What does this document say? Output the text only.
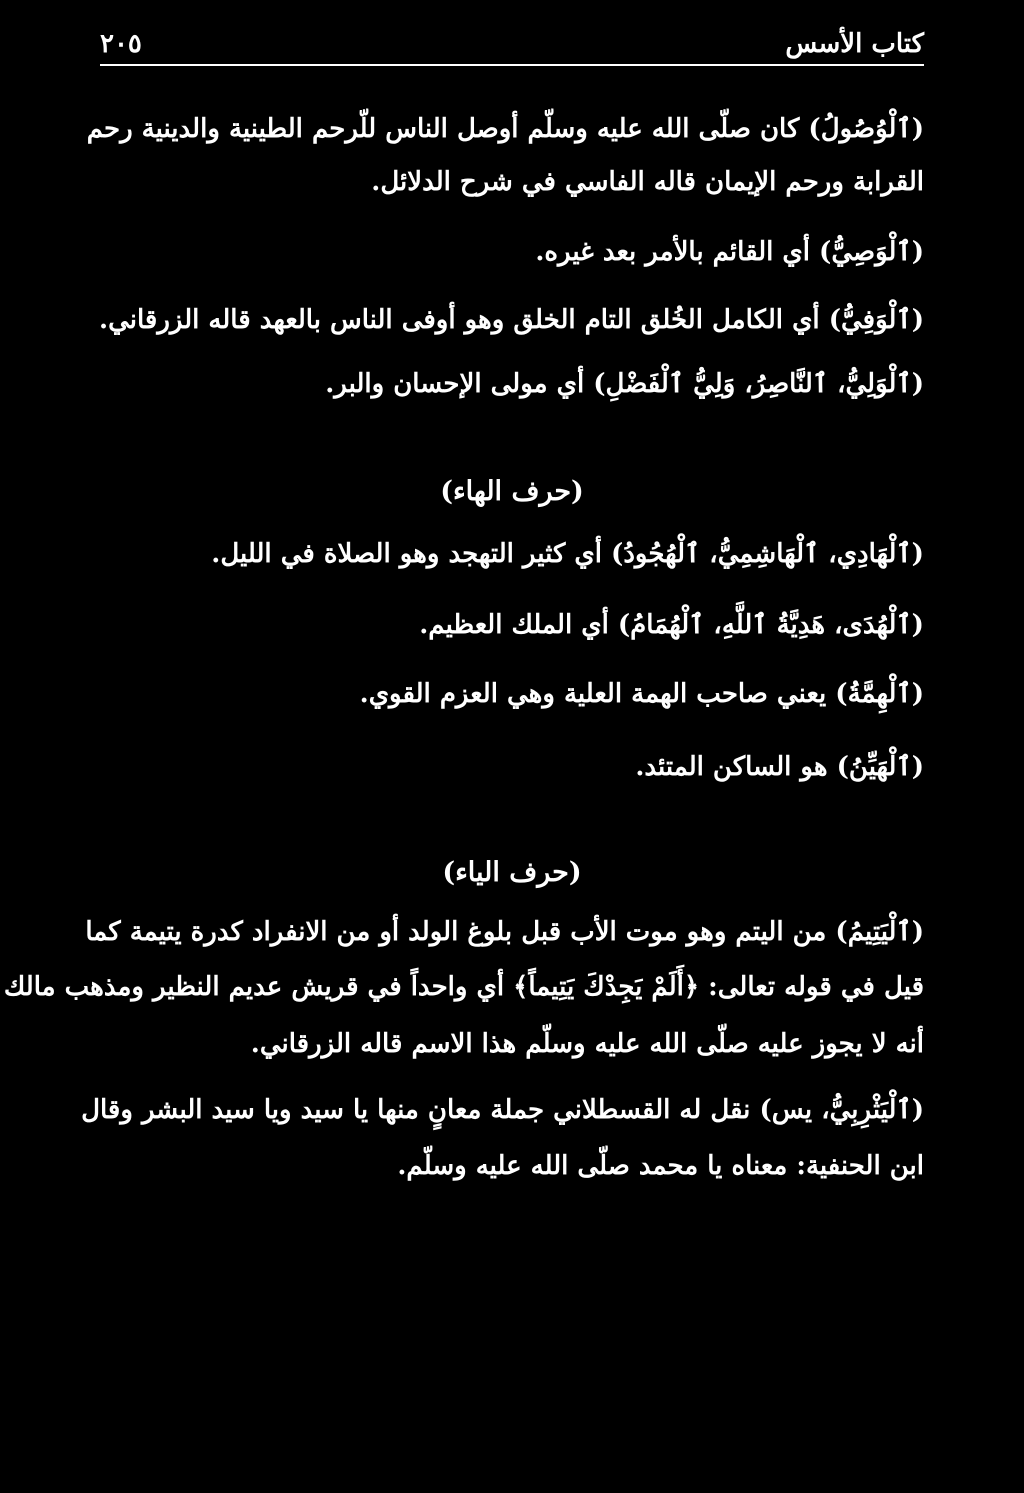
كتاب الأسس
٢٠٥
(ٱلْوُصُولُ) كان صلّى الله عليه وسلّم أوصل الناس للّرحم الطينية والدينية رحم
القرابة ورحم الإيمان قاله الفاسي في شرح الدلائل.
(ٱلْوَصِيُّ) أي القائم بالأمر بعد غيره.
(ٱلْوَفِيُّ) أي الكامل الخُلق التام الخلق وهو أوفى الناس بالعهد قاله الزرقاني.
(ٱلْوَلِيُّ، ٱلنَّاصِرُ، وَلِيُّ ٱلْفَضْلِ) أي مولى الإحسان والبر.
(حرف الهاء)
(ٱلْهَادِي، ٱلْهَاشِمِيُّ، ٱلْهُجُودُ) أي كثير التهجد وهو الصلاة في الليل.
(ٱلْهُدَى، هَدِيَّةُ ٱللَّهِ، ٱلْهُمَامُ) أي الملك العظيم.
(ٱلْهِمَّةُ) يعني صاحب الهمة العلية وهي العزم القوي.
(ٱلْهَيِّنُ) هو الساكن المتئد.
(حرف الياء)
(ٱلْيَتِيمُ) من اليتم وهو موت الأب قبل بلوغ الولد أو من الانفراد كدرة يتيمة كما
قيل في قوله تعالى: ﴿أَلَمْ يَجِدْكَ يَتِيماً﴾ أي واحداً في قريش عديم النظير ومذهب مالك
أنه لا يجوز عليه صلّى الله عليه وسلّم هذا الاسم قاله الزرقاني.
(ٱلْيَثْرِبِيُّ، يس) نقل له القسطلاني جملة معانٍ منها يا سيد ويا سيد البشر وقال
ابن الحنفية: معناه يا محمد صلّى الله عليه وسلّم.
